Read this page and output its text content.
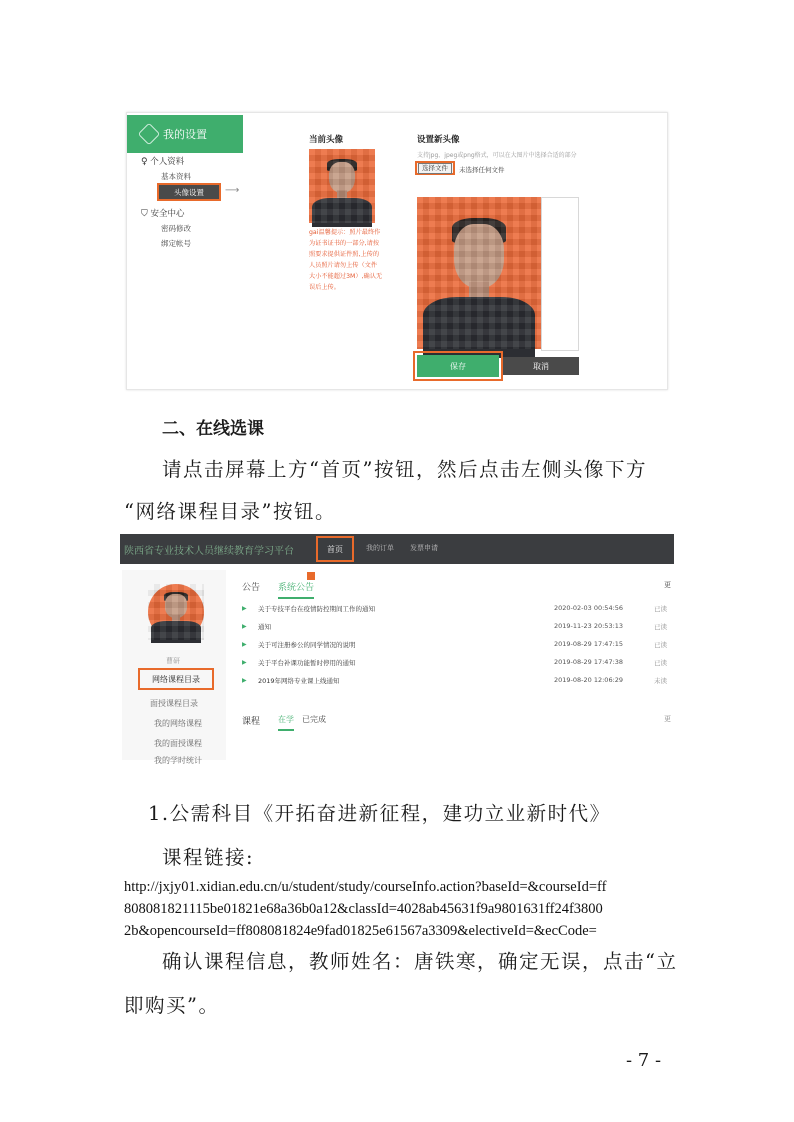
我的设置
♀ 个人资料
基本资料
头像设置	⟶
⛉ 安全中心
密码修改
绑定帐号
当前头像
gai温馨提示：照片最终作为证书证书的一部分,请按照要求提供证件照,上传的人员照片请勿上传（文件大小不能超过3M）,确认无误后上传。
设置新头像
支持jpg、jpeg或png格式，可以在大图片中选择合适的部分
选择文件	未选择任何文件
保存	取消
二、在线选课
请点击屏幕上方“首页”按钮，然后点击左侧头像下方
“网络课程目录”按钮。
陕西省专业技术人员继续教育学习平台	首页	我的订单 发票申请
曹研
网络课程目录
面授课程目录
我的网络课程
我的面授课程
我的学时统计
公告 系统公告	更
▶ 关于专技平台在疫情防控期间工作的通知	2020-02-03 00:54:56	已读
▶ 通知	2019-11-23 20:53:13	已读
▶ 关于可注册参公的同学情况的说明	2019-08-29 17:47:15	已读
▶ 关于平台补课功能暂时停用的通知	2019-08-29 17:47:38	已读
▶ 2019年网络专业课上线通知	2019-08-20 12:06:29	未读
课程 在学 已完成	更
1.公需科目《开拓奋进新征程，建功立业新时代》
课程链接:
http://jxjy01.xidian.edu.cn/u/student/study/courseInfo.action?baseId=&courseId=ff
808081821115be01821e68a36b0a12&classId=4028ab45631f9a9801631ff24f3800
2b&opencourseId=ff808081824e9fad01825e61567a3309&electiveId=&ecCode=
确认课程信息，教师姓名：唐铁寒，确定无误，点击“立
即购买”。
- 7 -
